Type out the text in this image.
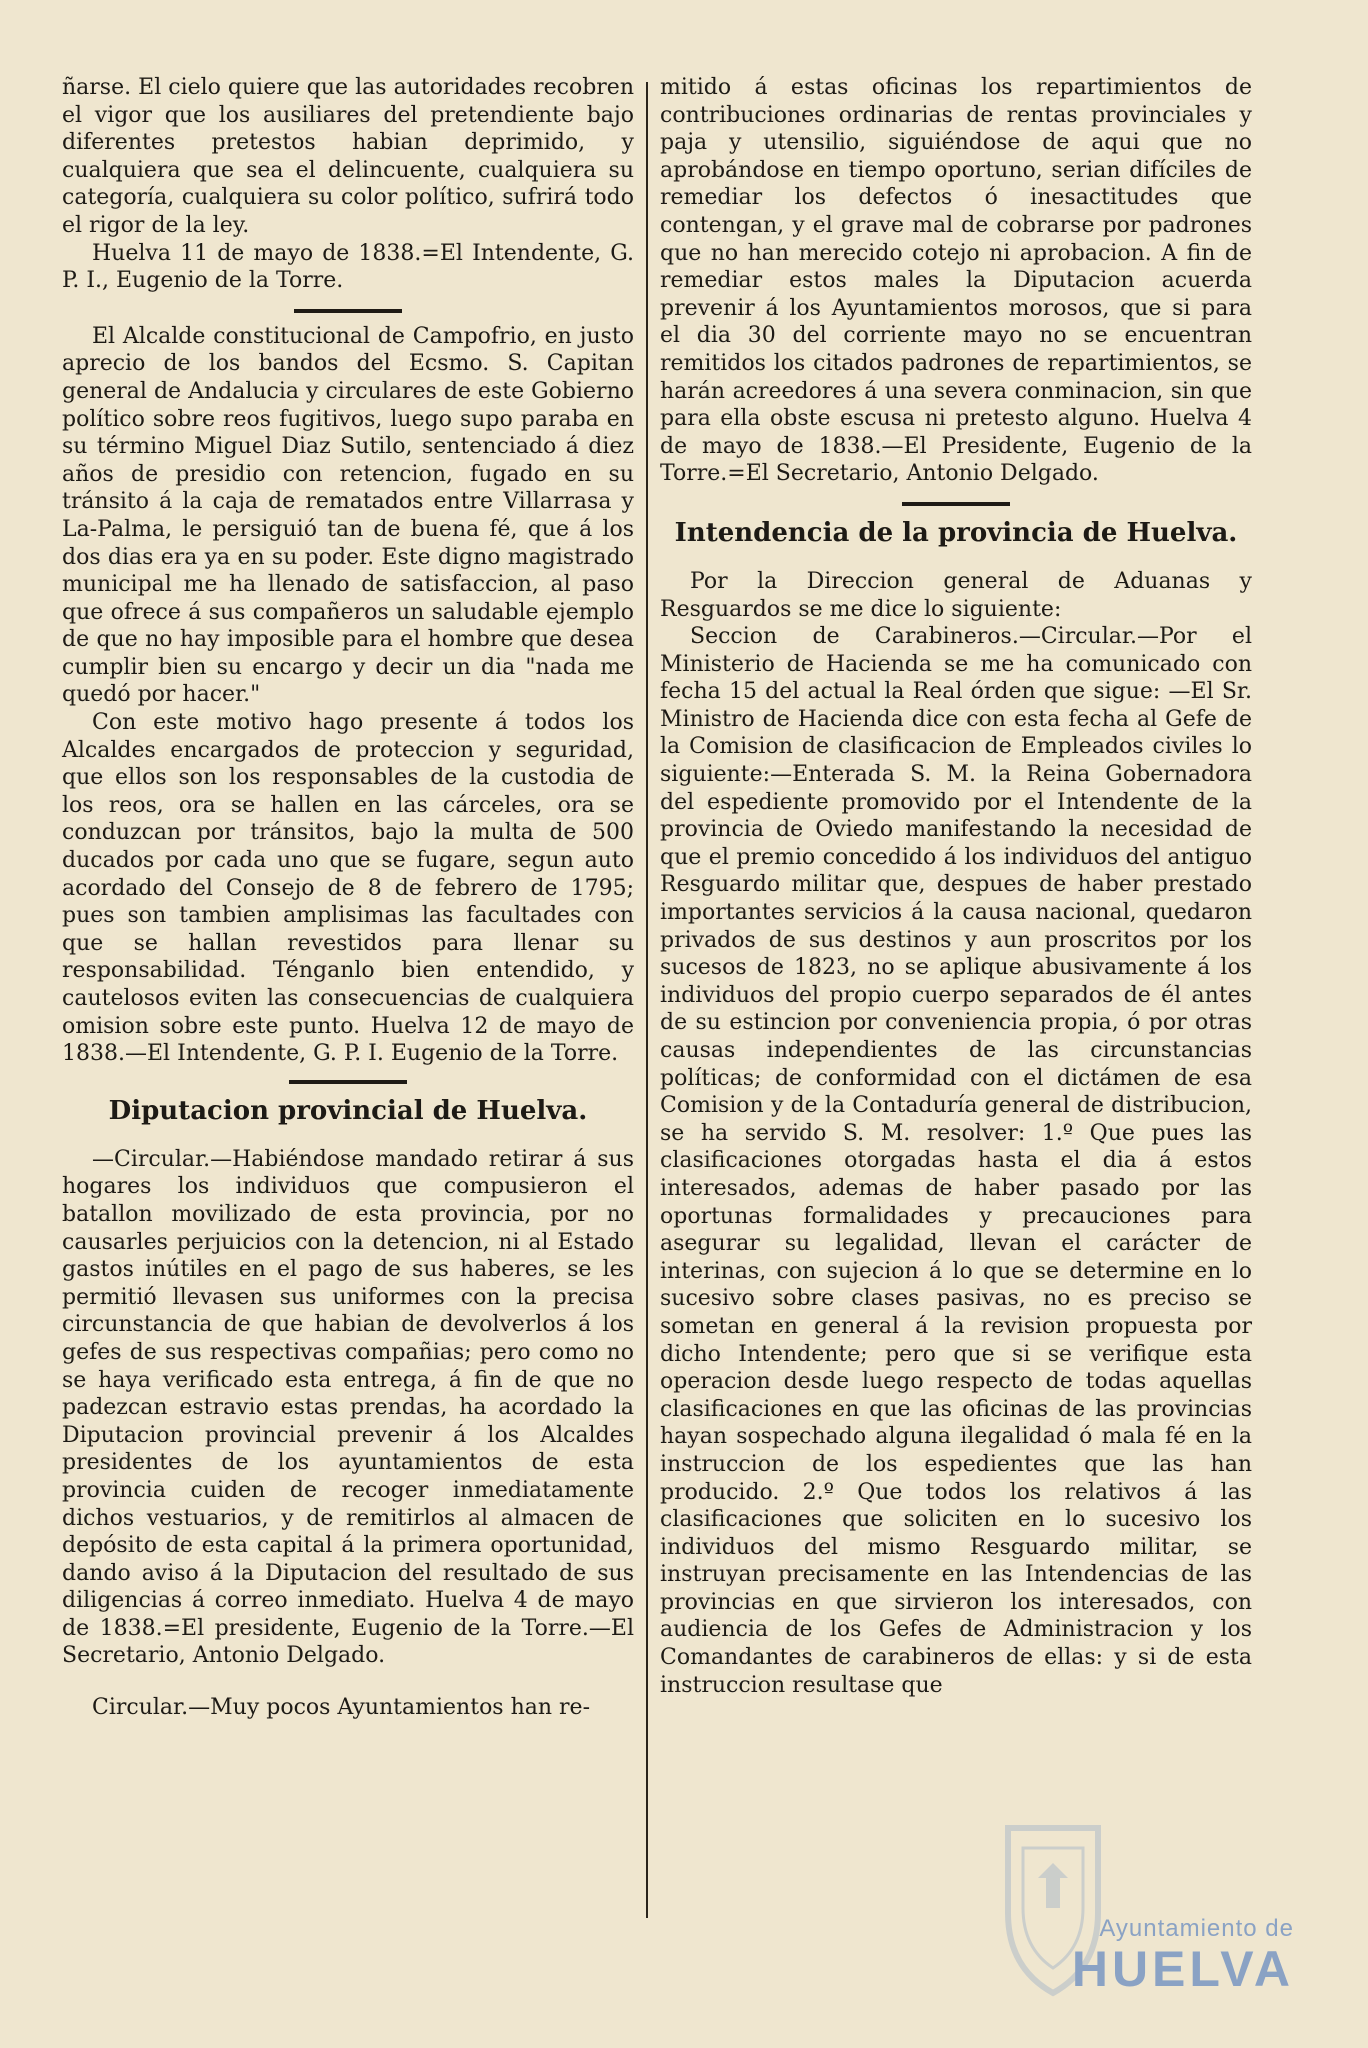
ñarse. El cielo quiere que las autoridades recobren el vigor que los ausiliares del pretendiente bajo diferentes pretestos habian deprimido, y cualquiera que sea el delincuente, cualquiera su categoría, cualquiera su color político, sufrirá todo el rigor de la ley.

Huelva 11 de mayo de 1838.=El Intendente, G. P. I., Eugenio de la Torre.

El Alcalde constitucional de Campofrio, en justo aprecio de los bandos del Ecsmo. S. Capitan general de Andalucia y circulares de este Gobierno político sobre reos fugitivos, luego supo paraba en su término Miguel Diaz Sutilo, sentenciado á diez años de presidio con retencion, fugado en su tránsito á la caja de rematados entre Villarrasa y La-Palma, le persiguió tan de buena fé, que á los dos dias era ya en su poder. Este digno magistrado municipal me ha llenado de satisfaccion, al paso que ofrece á sus compañeros un saludable ejemplo de que no hay imposible para el hombre que desea cumplir bien su encargo y decir un dia "nada me quedó por hacer."

Con este motivo hago presente á todos los Alcaldes encargados de proteccion y seguridad, que ellos son los responsables de la custodia de los reos, ora se hallen en las cárceles, ora se conduzcan por tránsitos, bajo la multa de 500 ducados por cada uno que se fugare, segun auto acordado del Consejo de 8 de febrero de 1795; pues son tambien amplisimas las facultades con que se hallan revestidos para llenar su responsabilidad. Ténganlo bien entendido, y cautelosos eviten las consecuencias de cualquiera omision sobre este punto. Huelva 12 de mayo de 1838.—El Intendente, G. P. I. Eugenio de la Torre.

Diputacion provincial de Huelva.

—Circular.—Habiéndose mandado retirar á sus hogares los individuos que compusieron el batallon movilizado de esta provincia, por no causarles perjuicios con la detencion, ni al Estado gastos inútiles en el pago de sus haberes, se les permitió llevasen sus uniformes con la precisa circunstancia de que habian de devolverlos á los gefes de sus respectivas compañias; pero como no se haya verificado esta entrega, á fin de que no padezcan estravio estas prendas, ha acordado la Diputacion provincial prevenir á los Alcaldes presidentes de los ayuntamientos de esta provincia cuiden de recoger inmediatamente dichos vestuarios, y de remitirlos al almacen de depósito de esta capital á la primera oportunidad, dando aviso á la Diputacion del resultado de sus diligencias á correo inmediato. Huelva 4 de mayo de 1838.=El presidente, Eugenio de la Torre.—El Secretario, Antonio Delgado.

Circular.—Muy pocos Ayuntamientos han re-

mitido á estas oficinas los repartimientos de contribuciones ordinarias de rentas provinciales y paja y utensilio, siguiéndose de aqui que no aprobándose en tiempo oportuno, serian difíciles de remediar los defectos ó inesactitudes que contengan, y el grave mal de cobrarse por padrones que no han merecido cotejo ni aprobacion. A fin de remediar estos males la Diputacion acuerda prevenir á los Ayuntamientos morosos, que si para el dia 30 del corriente mayo no se encuentran remitidos los citados padrones de repartimientos, se harán acreedores á una severa conminacion, sin que para ella obste escusa ni pretesto alguno. Huelva 4 de mayo de 1838.—El Presidente, Eugenio de la Torre.=El Secretario, Antonio Delgado.

Intendencia de la provincia de Huelva.

Por la Direccion general de Aduanas y Resguardos se me dice lo siguiente:

Seccion de Carabineros.—Circular.—Por el Ministerio de Hacienda se me ha comunicado con fecha 15 del actual la Real órden que sigue: —El Sr. Ministro de Hacienda dice con esta fecha al Gefe de la Comision de clasificacion de Empleados civiles lo siguiente:—Enterada S. M. la Reina Gobernadora del espediente promovido por el Intendente de la provincia de Oviedo manifestando la necesidad de que el premio concedido á los individuos del antiguo Resguardo militar que, despues de haber prestado importantes servicios á la causa nacional, quedaron privados de sus destinos y aun proscritos por los sucesos de 1823, no se aplique abusivamente á los individuos del propio cuerpo separados de él antes de su estincion por conveniencia propia, ó por otras causas independientes de las circunstancias políticas; de conformidad con el dictámen de esa Comision y de la Contaduría general de distribucion, se ha servido S. M. resolver: 1.º Que pues las clasificaciones otorgadas hasta el dia á estos interesados, ademas de haber pasado por las oportunas formalidades y precauciones para asegurar su legalidad, llevan el carácter de interinas, con sujecion á lo que se determine en lo sucesivo sobre clases pasivas, no es preciso se sometan en general á la revision propuesta por dicho Intendente; pero que si se verifique esta operacion desde luego respecto de todas aquellas clasificaciones en que las oficinas de las provincias hayan sospechado alguna ilegalidad ó mala fé en la instruccion de los espedientes que las han producido. 2.º Que todos los relativos á las clasificaciones que soliciten en lo sucesivo los individuos del mismo Resguardo militar, se instruyan precisamente en las Intendencias de las provincias en que sirvieron los interesados, con audiencia de los Gefes de Administracion y los Comandantes de carabineros de ellas: y si de esta instruccion resultase que

Ayuntamiento de
HUELVA
